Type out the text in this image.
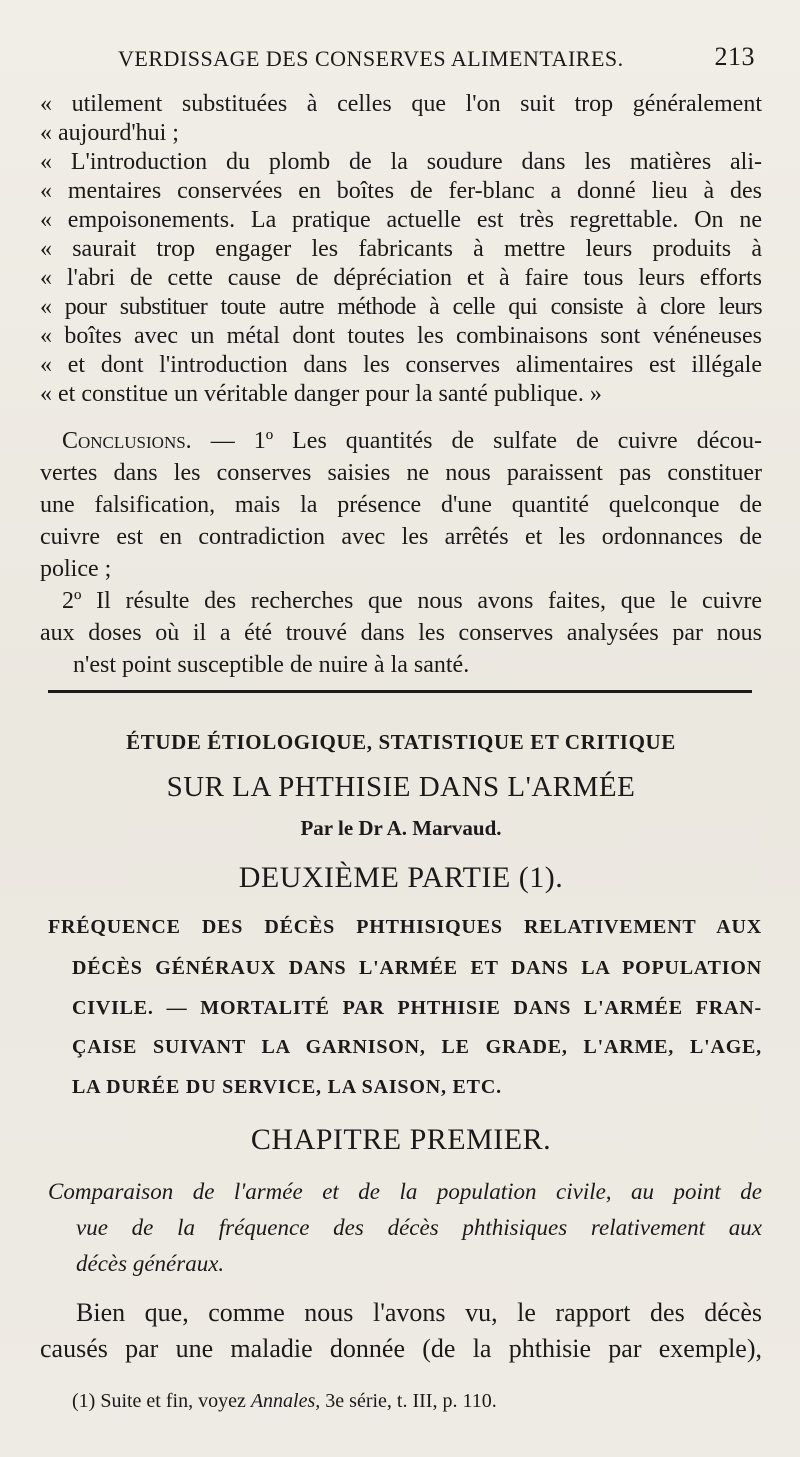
VERDISSAGE DES CONSERVES ALIMENTAIRES.	213
« utilement substituées à celles que l'on suit trop généralement
« aujourd'hui ;
« L'introduction du plomb de la soudure dans les matières ali-
« mentaires conservées en boîtes de fer-blanc a donné lieu à des
« empoisonements. La pratique actuelle est très regrettable. On ne
« saurait trop engager les fabricants à mettre leurs produits à
« l'abri de cette cause de dépréciation et à faire tous leurs efforts
« pour substituer toute autre méthode à celle qui consiste à clore leurs
« boîtes avec un métal dont toutes les combinaisons sont vénéneuses
« et dont l'introduction dans les conserves alimentaires est illégale
« et constitue un véritable danger pour la santé publique. »
Conclusions. — 1º Les quantités de sulfate de cuivre décou-
vertes dans les conserves saisies ne nous paraissent pas constituer
une falsification, mais la présence d'une quantité quelconque de
cuivre est en contradiction avec les arrêtés et les ordonnances de
police ;
2º Il résulte des recherches que nous avons faites, que le cuivre
aux doses où il a été trouvé dans les conserves analysées par nous
n'est point susceptible de nuire à la santé.
ÉTUDE ÉTIOLOGIQUE, STATISTIQUE ET CRITIQUE
SUR LA PHTHISIE DANS L'ARMÉE
Par le Dr A. Marvaud.
DEUXIÈME PARTIE (1).
FRÉQUENCE DES DÉCÈS PHTHISIQUES RELATIVEMENT AUX
DÉCÈS GÉNÉRAUX DANS L'ARMÉE ET DANS LA POPULATION
CIVILE. — MORTALITÉ PAR PHTHISIE DANS L'ARMÉE FRAN-
ÇAISE SUIVANT LA GARNISON, LE GRADE, L'ARME, L'AGE,
LA DURÉE DU SERVICE, LA SAISON, ETC.
CHAPITRE PREMIER.
Comparaison de l'armée et de la population civile, au point de
vue de la fréquence des décès phthisiques relativement aux
décès généraux.
Bien que, comme nous l'avons vu, le rapport des décès
causés par une maladie donnée (de la phthisie par exemple),
(1) Suite et fin, voyez Annales, 3e série, t. III, p. 110.
